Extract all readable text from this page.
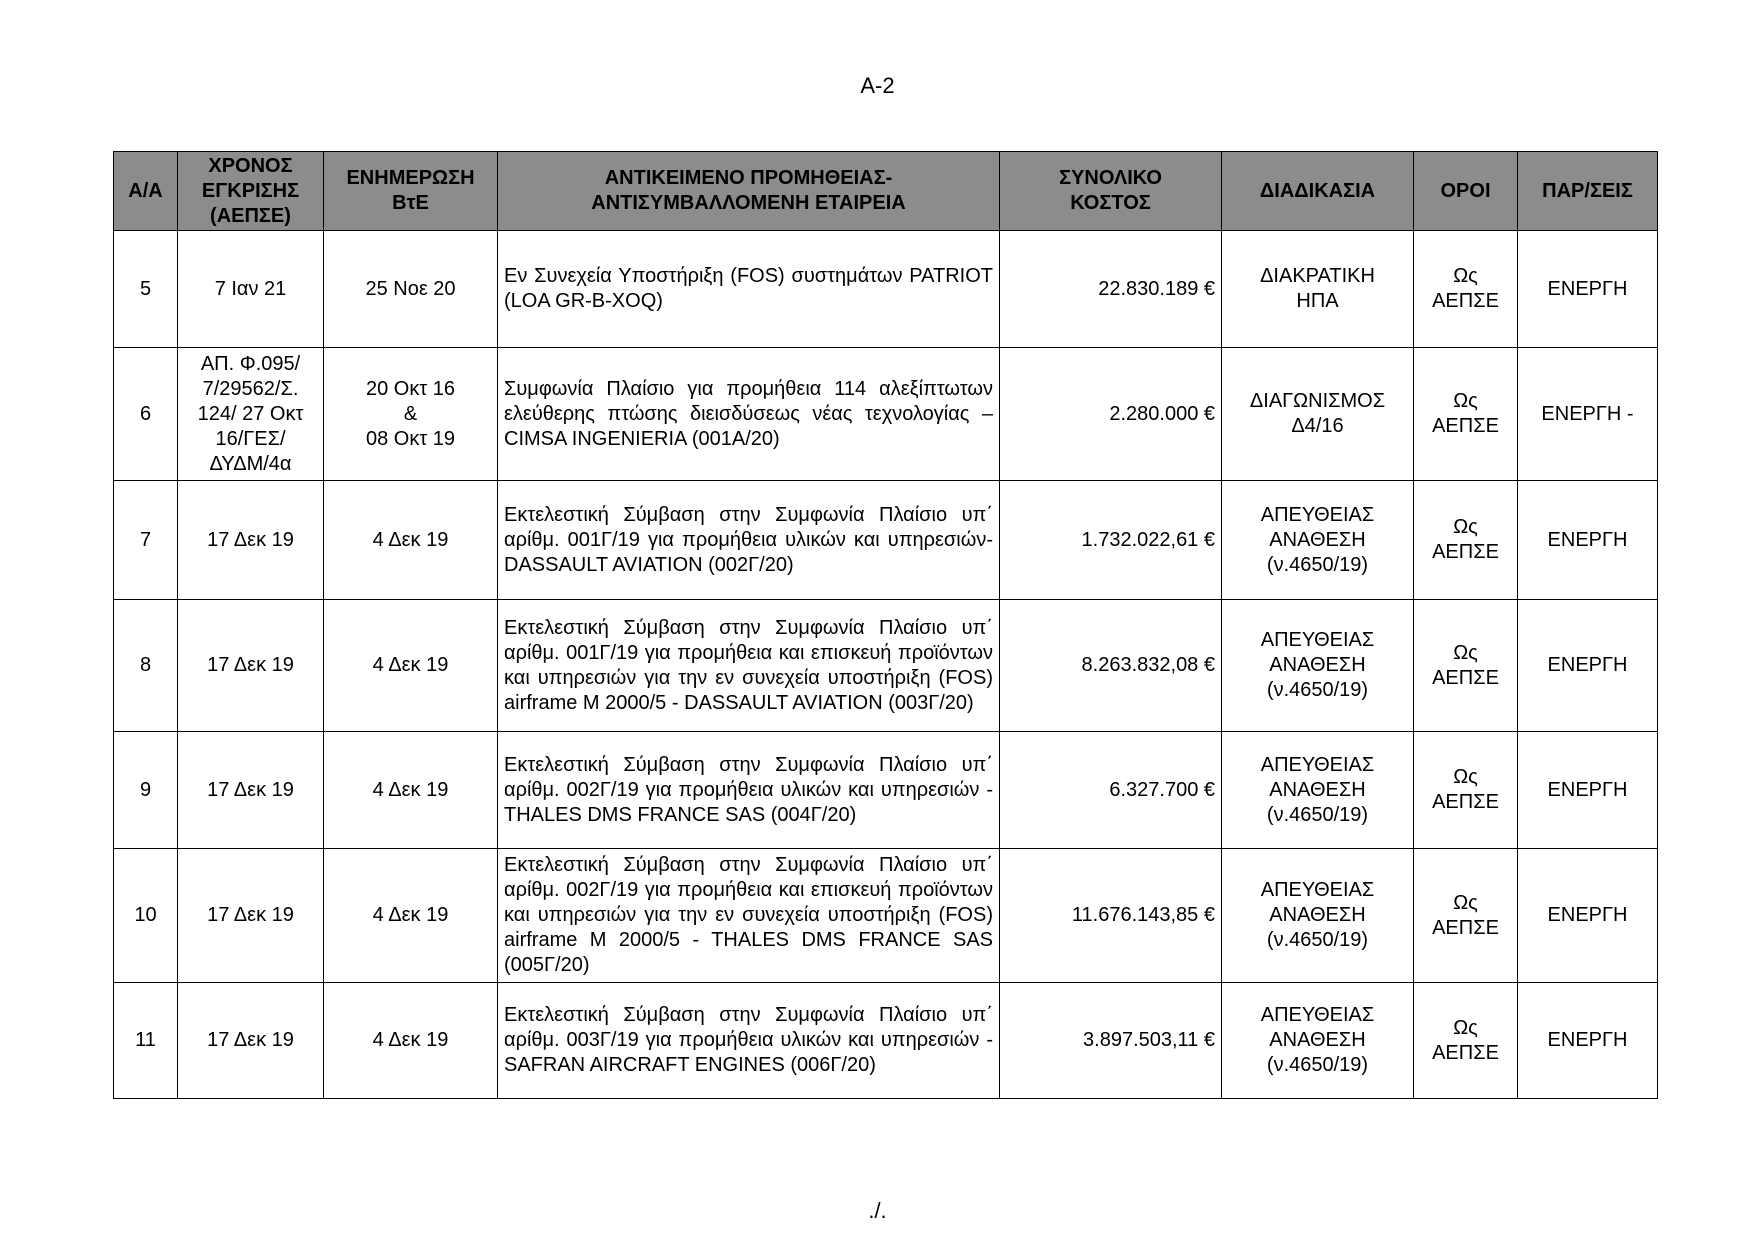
Α-2
Α/Α	ΧΡΟΝΟΣ
ΕΓΚΡΙΣΗΣ
(ΑΕΠΣΕ)	ΕΝΗΜΕΡΩΣΗ
ΒτΕ	ΑΝΤΙΚΕΙΜΕΝΟ ΠΡΟΜΗΘΕΙΑΣ-
ΑΝΤΙΣΥΜΒΑΛΛΟΜΕΝΗ ΕΤΑΙΡΕΙΑ	ΣΥΝΟΛΙΚΟ
ΚΟΣΤΟΣ	ΔΙΑΔΙΚΑΣΙΑ	ΟΡΟΙ	ΠΑΡ/ΣΕΙΣ
5	7 Ιαν 21	25 Νοε 20	Εν Συνεχεία Υποστήριξη (FOS) συστημάτων PATRIOT (LOA GR-B-XOQ)	22.830.189 €	ΔΙΑΚΡΑΤΙΚΗ
ΗΠΑ	Ως
ΑΕΠΣΕ	ΕΝΕΡΓΗ
6	ΑΠ. Φ.095/
7/29562/Σ.
124/ 27 Οκτ
16/ΓΕΣ/
ΔΥΔΜ/4α	20 Οκτ 16
&
08 Οκτ 19	Συμφωνία Πλαίσιο για προμήθεια 114 αλεξίπτωτων ελεύθερης πτώσης διεισδύσεως νέας τεχνολογίας – CIMSA INGENIERIA (001Α/20)	2.280.000 €	ΔΙΑΓΩΝΙΣΜΟΣ
Δ4/16	Ως
ΑΕΠΣΕ	ΕΝΕΡΓΗ -
7	17 Δεκ 19	4 Δεκ 19	Εκτελεστική Σύμβαση στην Συμφωνία Πλαίσιο υπ΄ αρίθμ. 001Γ/19 για προμήθεια υλικών και υπηρεσιών- DASSAULT AVIATION (002Γ/20)	1.732.022,61 €	ΑΠΕΥΘΕΙΑΣ
ΑΝΑΘΕΣΗ
(ν.4650/19)	Ως
ΑΕΠΣΕ	ΕΝΕΡΓΗ
8	17 Δεκ 19	4 Δεκ 19	Εκτελεστική Σύμβαση στην Συμφωνία Πλαίσιο υπ΄ αρίθμ. 001Γ/19 για προμήθεια και επισκευή προϊόντων και υπηρεσιών για την εν συνεχεία υποστήριξη (FOS) airframe M 2000/5 - DASSAULT AVIATION (003Γ/20)	8.263.832,08 €	ΑΠΕΥΘΕΙΑΣ
ΑΝΑΘΕΣΗ
(ν.4650/19)	Ως
ΑΕΠΣΕ	ΕΝΕΡΓΗ
9	17 Δεκ 19	4 Δεκ 19	Εκτελεστική Σύμβαση στην Συμφωνία Πλαίσιο υπ΄ αρίθμ. 002Γ/19 για προμήθεια υλικών και υπηρεσιών - THALES DMS FRANCE SAS (004Γ/20)	6.327.700 €	ΑΠΕΥΘΕΙΑΣ
ΑΝΑΘΕΣΗ
(ν.4650/19)	Ως
ΑΕΠΣΕ	ΕΝΕΡΓΗ
10	17 Δεκ 19	4 Δεκ 19	Εκτελεστική Σύμβαση στην Συμφωνία Πλαίσιο υπ΄ αρίθμ. 002Γ/19 για προμήθεια και επισκευή προϊόντων και υπηρεσιών για την εν συνεχεία υποστήριξη (FOS) airframe M 2000/5 - THALES DMS FRANCE SAS (005Γ/20)	11.676.143,85 €	ΑΠΕΥΘΕΙΑΣ
ΑΝΑΘΕΣΗ
(ν.4650/19)	Ως
ΑΕΠΣΕ	ΕΝΕΡΓΗ
11	17 Δεκ 19	4 Δεκ 19	Εκτελεστική Σύμβαση στην Συμφωνία Πλαίσιο υπ΄ αρίθμ. 003Γ/19 για προμήθεια υλικών και υπηρεσιών - SAFRAN AIRCRAFT ENGINES (006Γ/20)	3.897.503,11 €	ΑΠΕΥΘΕΙΑΣ
ΑΝΑΘΕΣΗ
(ν.4650/19)	Ως
ΑΕΠΣΕ	ΕΝΕΡΓΗ
./.
